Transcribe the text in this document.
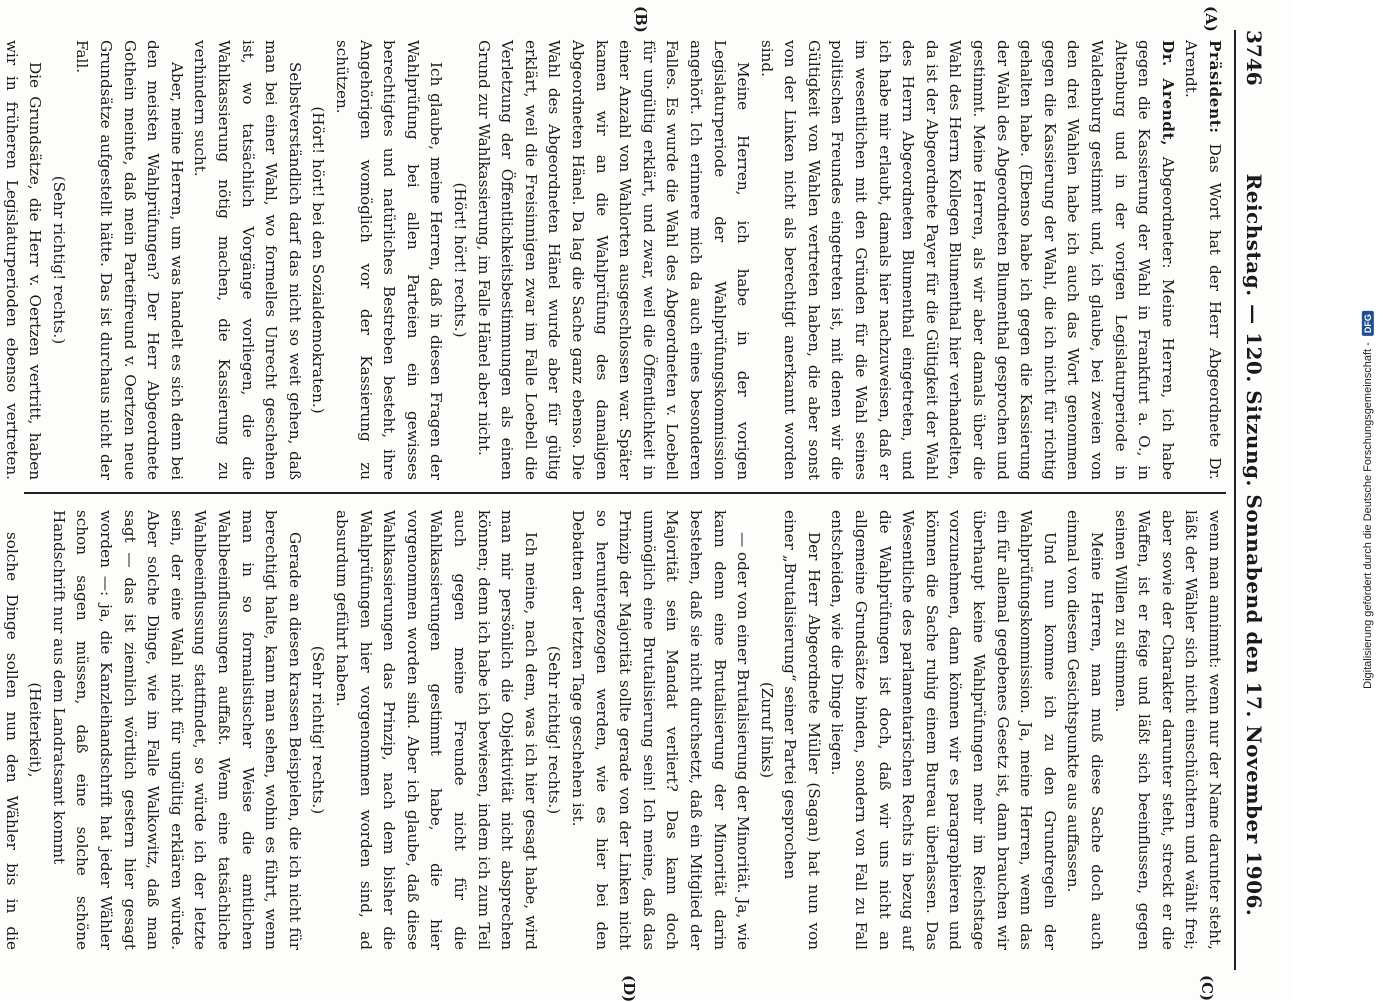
3746
Reichstag. — 120. Sitzung. Sonnabend den 17. November 1906.
(A)
(B)
(C)
(D)

Präsident: Das Wort hat der Herr Abgeordnete Dr. Arendt.

Dr. Arendt, Abgeordneter: Meine Herren, ich habe gegen die Kassierung der Wahl in Frankfurt a. O., in Altenburg und in der vorigen Legislaturperiode in Waldenburg gestimmt und, ich glaube, bei zweien von den drei Wahlen habe ich auch das Wort genommen gegen die Kassierung der Wahl, die ich nicht für richtig gehalten habe. (Ebenso habe ich gegen die Kassierung der Wahl des Abgeordneten Blumenthal gesprochen und gestimmt. Meine Herren, als wir aber damals über die Wahl des Herrn Kollegen Blumenthal hier verhandelten, da ist der Abgeordnete Payer für die Gültigkeit der Wahl des Herrn Abgeordneten Blumenthal eingetreten, und ich habe mir erlaubt, damals hier nachzuweisen, daß er im wesentlichen mit den Gründen für die Wahl seines politischen Freundes eingetreten ist, mit denen wir die Gültigkeit von Wahlen vertreten haben, die aber sonst von der Linken nicht als berechtigt anerkannt worden sind.

Meine Herren, ich habe in der vorigen Legislaturperiode der Wahlprüfungskommission angehört. Ich erinnere mich da auch eines besonderen Falles. Es wurde die Wahl des Abgeordneten v. Loebell für ungültig erklärt, und zwar, weil die Öffentlichkeit in einer Anzahl von Wahlorten ausgeschlossen war. Später kamen wir an die Wahlprüfung des damaligen Abgeordneten Hänel. Da lag die Sache ganz ebenso. Die Wahl des Abgeordneten Hänel wurde aber für gültig erklärt, weil die Freisinnigen zwar im Falle Loebell die Verletzung der Öffentlichkeitsbestimmungen als einen Grund zur Wahlkassierung, im Falle Hänel aber nicht.

(Hört! hört! rechts.)

Ich glaube, meine Herren, daß in diesen Fragen der Wahlprüfung bei allen Parteien ein gewisses berechtigtes und natürliches Bestreben besteht, ihre Angehörigen womöglich vor der Kassierung zu schützen.

(Hört! hört! bei den Sozialdemokraten.)

Selbstverständlich darf das nicht so weit gehen, daß man bei einer Wahl, wo formelles Unrecht geschehen ist, wo tatsächlich Vorgänge vorliegen, die die Wahlkassierung nötig machen, die Kassierung zu verhindern sucht.

Aber, meine Herren, um was handelt es sich denn bei den meisten Wahlprüfungen? Der Herr Abgeordnete Gothein meinte, daß mein Parteifreund v. Oertzen neue Grundsätze aufgestellt hätte. Das ist durchaus nicht der Fall.

(Sehr richtig! rechts.)

Die Grundsätze, die Herr v. Oertzen vertritt, haben wir in früheren Legislaturperioden ebenso vertreten.

wenn man annimmt: wenn nur der Name darunter steht, läßt der Wähler sich nicht einschüchtern und wählt frei; aber sowie der Charakter darunter steht, streckt er die Waffen, ist er feige und läßt sich beeinflussen, gegen seinen Willen zu stimmen.

Meine Herren, man muß diese Sache doch auch einmal von diesem Gesichtspunkte aus auffassen.

Und nun komme ich zu den Grundregeln der Wahlprüfungskommission. Ja, meine Herren, wenn das ein für allemal gegebenes Gesetz ist, dann brauchen wir überhaupt keine Wahlprüfungen mehr im Reichstage vorzunehmen, dann können wir es paragraphieren und können die Sache ruhig einem Bureau überlassen. Das Wesentliche des parlamentarischen Rechts in bezug auf die Wahlprüfungen ist doch, daß wir uns nicht an allgemeine Grundsätze binden, sondern von Fall zu Fall entscheiden, wie die Dinge liegen.

Der Herr Abgeordnete Müller (Sagan) hat nun von einer „Brutalisierung“ seiner Partei gesprochen

(Zuruf links)

— oder von einer Brutalisierung der Minorität. Ja, wie kann denn eine Brutalisierung der Minorität darin bestehen, daß sie nicht durchsetzt, daß ein Mitglied der Majorität sein Mandat verliert? Das kann doch unmöglich eine Brutalisierung sein! Ich meine, daß das Prinzip der Majorität sollte gerade von der Linken nicht so heruntergezogen werden, wie es hier bei den Debatten der letzten Tage geschehen ist.

(Sehr richtig! rechts.)

Ich meine, nach dem, was ich hier gesagt habe, wird man mir persönlich die Objektivität nicht absprechen können; denn ich habe ich bewiesen, indem ich zum Teil auch gegen meine Freunde nicht für die Wahlkassierungen gestimmt habe, die hier vorgenommen worden sind. Aber ich glaube, daß diese Wahlkassierungen das Prinzip, nach dem bisher die Wahlprüfungen hier vorgenommen worden sind, ad absurdum geführt haben.

(Sehr richtig! rechts.)

Gerade an diesen krassen Beispielen, die ich nicht für berechtigt halte, kann man sehen, wohin es führt, wenn man in so formalistischer Weise die amtlichen Wahlbeeinflussungen auffaßt. Wenn eine tatsächliche Wahlbeeinflussung stattfindet, so würde ich der letzte sein, der eine Wahl nicht für ungültig erklären würde. Aber solche Dinge, wie im Falle Walkowitz, daß man sagt — das ist ziemlich wörtlich gestern hier gesagt worden —: ja, die Kanzleihandschrift hat jeder Wähler schon sagen müssen, daß eine solche schöne Handschrift nur aus dem Landratsamt kommt

(Heiterkeit),

solche Dinge sollen nun den Wähler bis in die

Digitalisierung gefördert durch die Deutsche Forschungsgemeinschaft -DFG
